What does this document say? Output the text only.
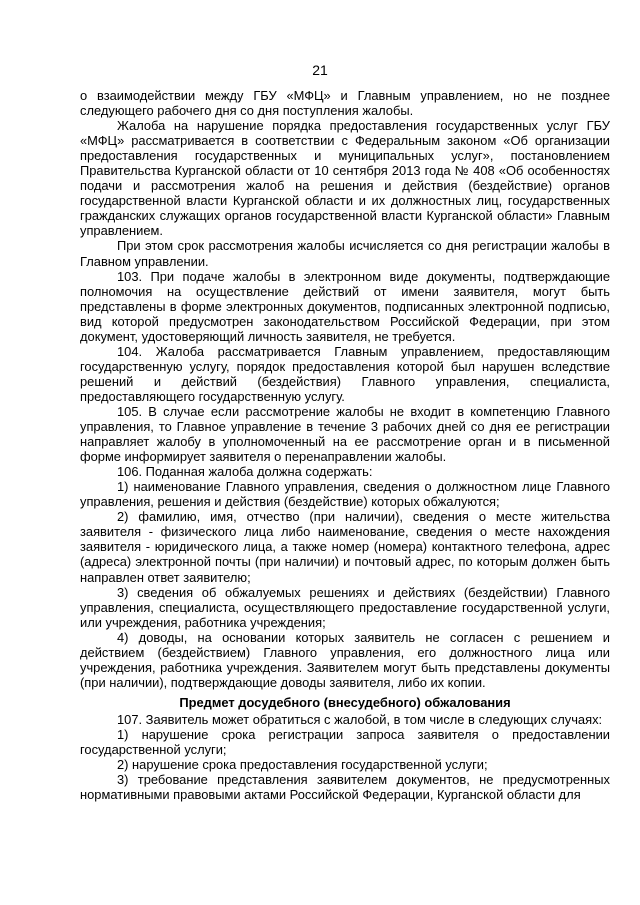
21

о взаимодействии между ГБУ «МФЦ» и Главным управлением, но не позднее следующего рабочего дня со дня поступления жалобы.

Жалоба на нарушение порядка предоставления государственных услуг ГБУ «МФЦ» рассматривается в соответствии с Федеральным законом «Об организации предоставления государственных и муниципальных услуг», постановлением Правительства Курганской области от 10 сентября 2013 года № 408 «Об особенностях подачи и рассмотрения жалоб на решения и действия (бездействие) органов государственной власти Курганской области и их должностных лиц, государственных гражданских служащих органов государственной власти Курганской области» Главным управлением.

При этом срок рассмотрения жалобы исчисляется со дня регистрации жалобы в Главном управлении.

103. При подаче жалобы в электронном виде документы, подтверждающие полномочия на осуществление действий от имени заявителя, могут быть представлены в форме электронных документов, подписанных электронной подписью, вид которой предусмотрен законодательством Российской Федерации, при этом документ, удостоверяющий личность заявителя, не требуется.

104. Жалоба рассматривается Главным управлением, предоставляющим государственную услугу, порядок предоставления которой был нарушен вследствие решений и действий (бездействия) Главного управления, специалиста, предоставляющего государственную услугу.

105. В случае если рассмотрение жалобы не входит в компетенцию Главного управления, то Главное управление в течение 3 рабочих дней со дня ее регистрации направляет жалобу в уполномоченный на ее рассмотрение орган и в письменной форме информирует заявителя о перенаправлении жалобы.

106. Поданная жалоба должна содержать:

1) наименование Главного управления, сведения о должностном лице Главного управления, решения и действия (бездействие) которых обжалуются;

2) фамилию, имя, отчество (при наличии), сведения о месте жительства заявителя - физического лица либо наименование, сведения о месте нахождения заявителя - юридического лица, а также номер (номера) контактного телефона, адрес (адреса) электронной почты (при наличии) и почтовый адрес, по которым должен быть направлен ответ заявителю;

3) сведения об обжалуемых решениях и действиях (бездействии) Главного управления, специалиста, осуществляющего предоставление государственной услуги, или учреждения, работника учреждения;

4) доводы, на основании которых заявитель не согласен с решением и действием (бездействием) Главного управления, его должностного лица или учреждения, работника учреждения. Заявителем могут быть представлены документы (при наличии), подтверждающие доводы заявителя, либо их копии.

Предмет досудебного (внесудебного) обжалования

107. Заявитель может обратиться с жалобой, в том числе в следующих случаях:

1) нарушение срока регистрации запроса заявителя о предоставлении государственной услуги;

2) нарушение срока предоставления государственной услуги;

3) требование представления заявителем документов, не предусмотренных нормативными правовыми актами Российской Федерации, Курганской области для
